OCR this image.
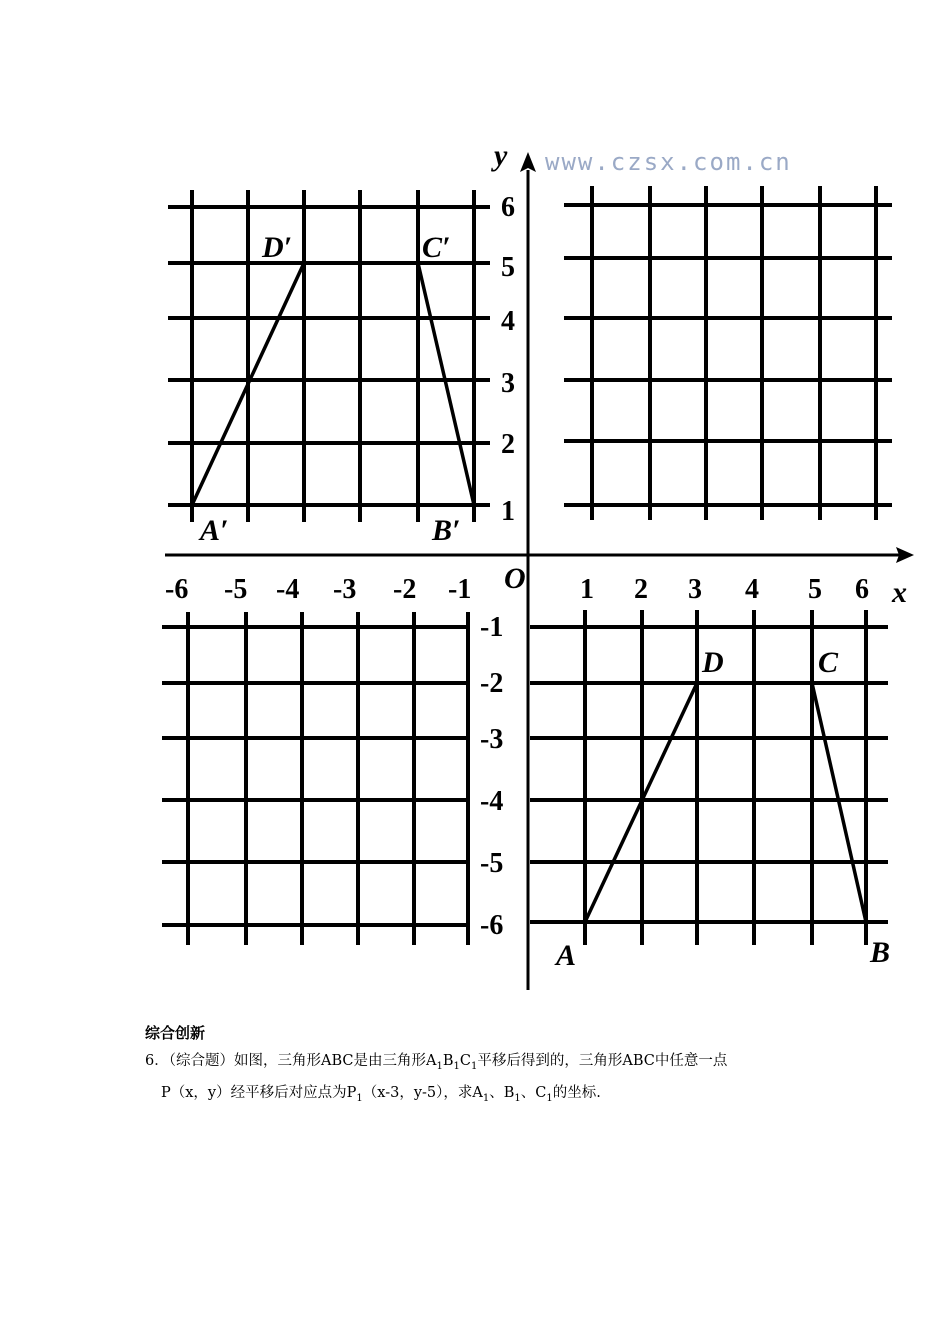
www.czsx.com.cn
y
x
O
-6 -5 -4 -3 -2 -1	1 2 3 4 5 6
1
2
3
4
5
6
-1
-2
-3
-4
-5
-6
A′	B′
C′
D′
A	B
C
D
综合创新
6．（综合题）如图，三角形ABC是由三角形$A_1B_1C_1$平移后得到的，三角形ABC中任意一点
P（x，y）经平移后对应点为$P_1(x-3$，y-5），求$A_1$、$B_1$、$C_1$的坐标.
